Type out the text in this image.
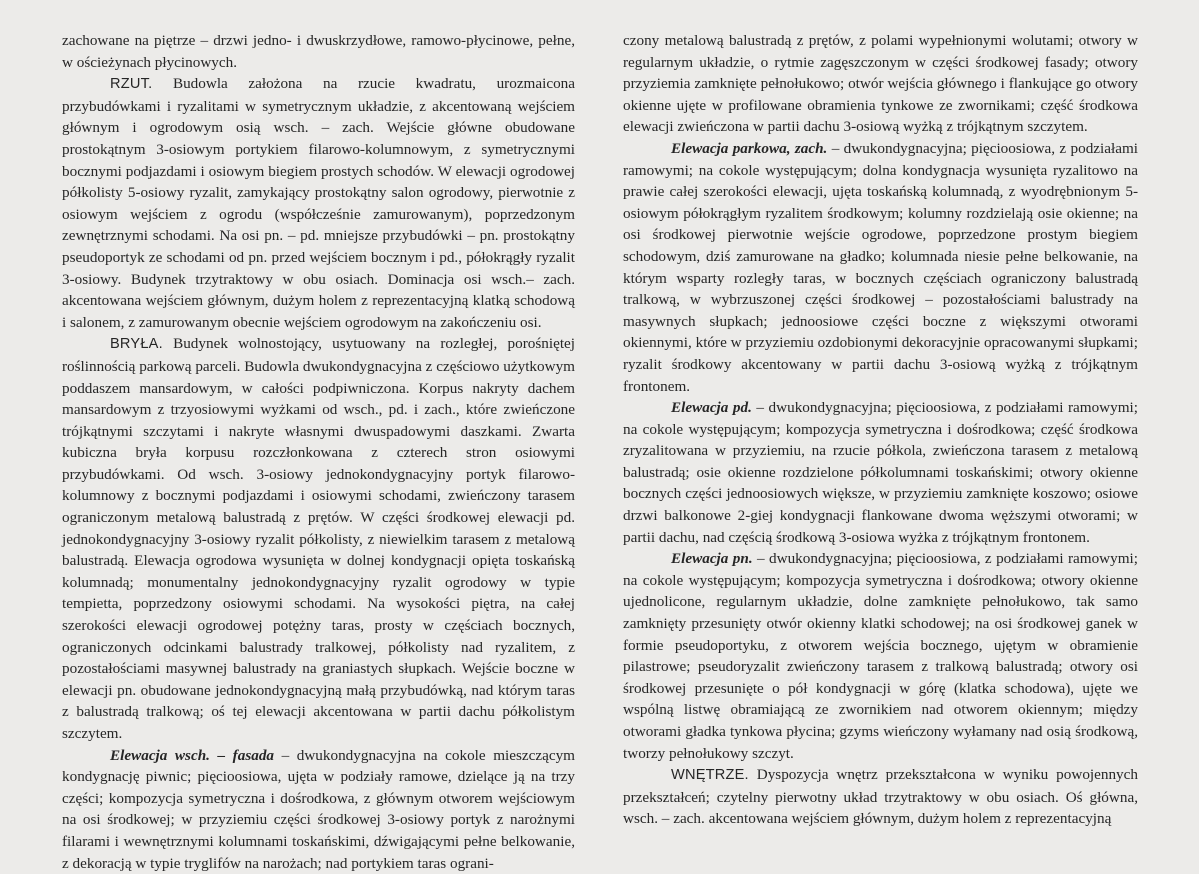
zachowane na piętrze – drzwi jedno- i dwuskrzydłowe, ramowo-płycinowe, pełne, w ościeżynach płycinowych.

RZUT. Budowla założona na rzucie kwadratu, urozmaicona przybudówkami i ryzalitami w symetrycznym układzie, z akcentowaną wejściem głównym i ogrodowym osią wsch. – zach. Wejście główne obudowane prostokątnym 3-osiowym portykiem filarowo-kolumnowym, z symetrycznymi bocznymi podjazdami i osiowym biegiem prostych schodów. W elewacji ogrodowej półkolisty 5-osiowy ryzalit, zamykający prostokątny salon ogrodowy, pierwotnie z osiowym wejściem z ogrodu (współcześnie zamurowanym), poprzedzonym zewnętrznymi schodami. Na osi pn. – pd. mniejsze przybudówki – pn. prostokątny pseudoportyk ze schodami od pn. przed wejściem bocznym i pd., półokrągły ryzalit 3-osiowy. Budynek trzytraktowy w obu osiach. Dominacja osi wsch.– zach. akcentowana wejściem głównym, dużym holem z reprezentacyjną klatką schodową i salonem, z zamurowanym obecnie wejściem ogrodowym na zakończeniu osi.

BRYŁA. Budynek wolnostojący, usytuowany na rozległej, porośniętej roślinnością parkową parceli. Budowla dwukondygnacyjna z częściowo użytkowym poddaszem mansardowym, w całości podpiwniczona. Korpus nakryty dachem mansardowym z trzyosiowymi wyżkami od wsch., pd. i zach., które zwieńczone trójkątnymi szczytami i nakryte własnymi dwuspadowymi daszkami. Zwarta kubiczna bryła korpusu rozczłonkowana z czterech stron osiowymi przybudówkami. Od wsch. 3-osiowy jednokondygnacyjny portyk filarowo-kolumnowy z bocznymi podjazdami i osiowymi schodami, zwieńczony tarasem ograniczonym metalową balustradą z prętów. W części środkowej elewacji pd. jednokondygnacyjny 3-osiowy ryzalit półkolisty, z niewielkim tarasem z metalową balustradą. Elewacja ogrodowa wysunięta w dolnej kondygnacji opięta toskańską kolumnadą; monumentalny jednokondygnacyjny ryzalit ogrodowy w typie tempietta, poprzedzony osiowymi schodami. Na wysokości piętra, na całej szerokości elewacji ogrodowej potężny taras, prosty w częściach bocznych, ograniczonych odcinkami balustrady tralkowej, półkolisty nad ryzalitem, z pozostałościami masywnej balustrady na graniastych słupkach. Wejście boczne w elewacji pn. obudowane jednokondygnacyjną małą przybudówką, nad którym taras z balustradą tralkową; oś tej elewacji akcentowana w partii dachu półkolistym szczytem.

Elewacja wsch. – fasada – dwukondygnacyjna na cokole mieszczącym kondygnację piwnic; pięcioosiowa, ujęta w podziały ramowe, dzielące ją na trzy części; kompozycja symetryczna i dośrodkowa, z głównym otworem wejściowym na osi środkowej; w przyziemiu części środkowej 3-osiowy portyk z narożnymi filarami i wewnętrznymi kolumnami toskańskimi, dźwigającymi pełne belkowanie, z dekoracją w typie tryglifów na narożach; nad portykiem taras ograni-

czony metalową balustradą z prętów, z polami wypełnionymi wolutami; otwory w regularnym układzie, o rytmie zagęszczonym w części środkowej fasady; otwory przyziemia zamknięte pełnołukowo; otwór wejścia głównego i flankujące go otwory okienne ujęte w profilowane obramienia tynkowe ze zwornikami; część środkowa elewacji zwieńczona w partii dachu 3-osiową wyżką z trójkątnym szczytem.

Elewacja parkowa, zach. – dwukondygnacyjna; pięcioosiowa, z podziałami ramowymi; na cokole występującym; dolna kondygnacja wysunięta ryzalitowo na prawie całej szerokości elewacji, ujęta toskańską kolumnadą, z wyodrębnionym 5-osiowym półokrągłym ryzalitem środkowym; kolumny rozdzielają osie okienne; na osi środkowej pierwotnie wejście ogrodowe, poprzedzone prostym biegiem schodowym, dziś zamurowane na gładko; kolumnada niesie pełne belkowanie, na którym wsparty rozległy taras, w bocznych częściach ograniczony balustradą tralkową, w wybrzuszonej części środkowej – pozostałościami balustrady na masywnych słupkach; jednoosiowe części boczne z większymi otworami okiennymi, które w przyziemiu ozdobionymi dekoracyjnie opracowanymi słupkami; ryzalit środkowy akcentowany w partii dachu 3-osiową wyżką z trójkątnym frontonem.

Elewacja pd. – dwukondygnacyjna; pięcioosiowa, z podziałami ramowymi; na cokole występującym; kompozycja symetryczna i dośrodkowa; część środkowa zryzalitowana w przyziemiu, na rzucie półkola, zwieńczona tarasem z metalową balustradą; osie okienne rozdzielone półkolumnami toskańskimi; otwory okienne bocznych części jednoosiowych większe, w przyziemiu zamknięte koszowo; osiowe drzwi balkonowe 2-giej kondygnacji flankowane dwoma węższymi otworami; w partii dachu, nad częścią środkową 3-osiowa wyżka z trójkątnym frontonem.

Elewacja pn. – dwukondygnacyjna; pięcioosiowa, z podziałami ramowymi; na cokole występującym; kompozycja symetryczna i dośrodkowa; otwory okienne ujednolicone, regularnym układzie, dolne zamknięte pełnołukowo, tak samo zamknięty przesunięty otwór okienny klatki schodowej; na osi środkowej ganek w formie pseudoportyku, z otworem wejścia bocznego, ujętym w obramienie pilastrowe; pseudoryzalit zwieńczony tarasem z tralkową balustradą; otwory osi środkowej przesunięte o pół kondygnacji w górę (klatka schodowa), ujęte we wspólną listwę obramiającą ze zwornikiem nad otworem okiennym; między otworami gładka tynkowa płycina; gzyms wieńczony wyłamany nad osią środkową, tworzy pełnołukowy szczyt.

WNĘTRZE. Dyspozycja wnętrz przekształcona w wyniku powojennych przekształceń; czytelny pierwotny układ trzytraktowy w obu osiach. Oś główna, wsch. – zach. akcentowana wejściem głównym, dużym holem z reprezentacyjną
